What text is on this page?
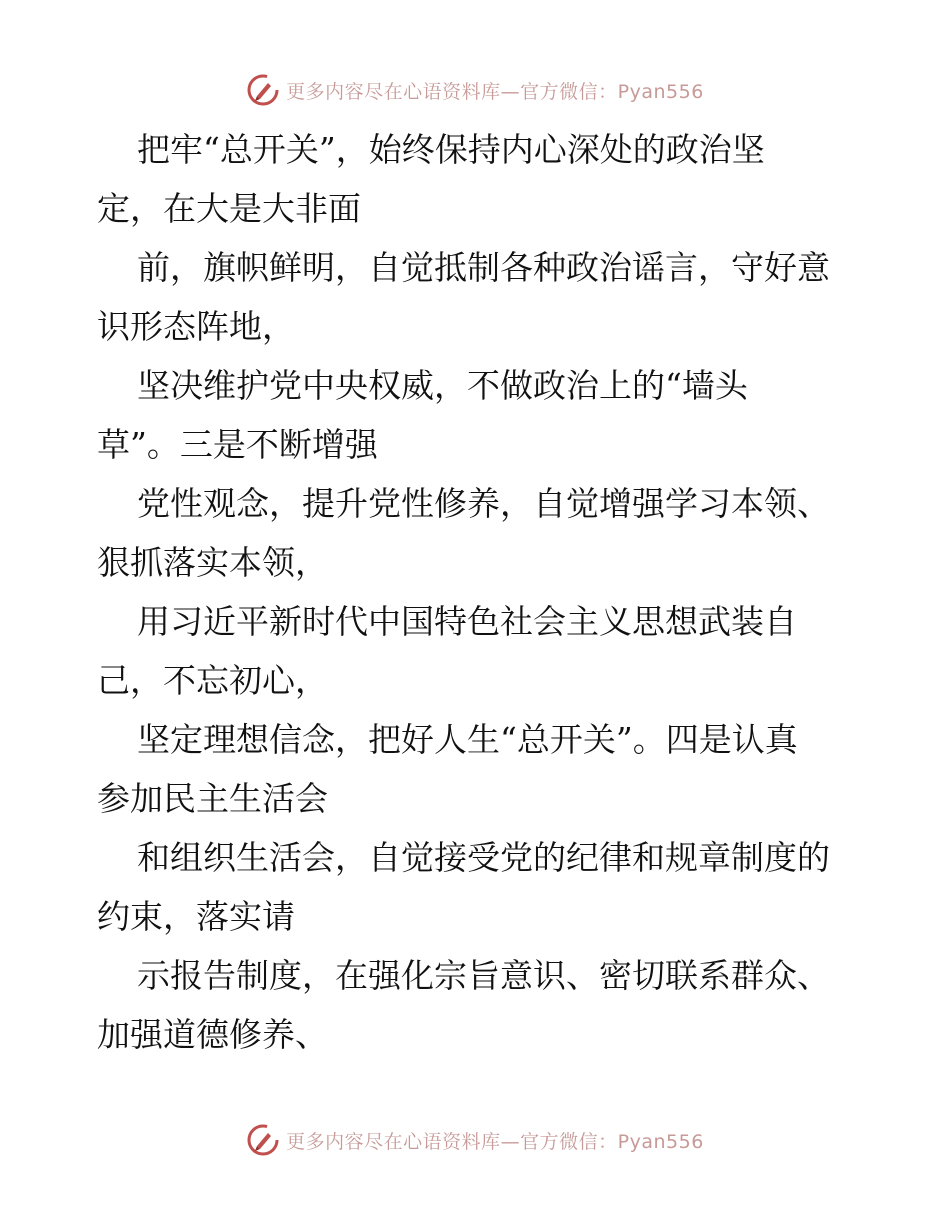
更多内容尽在心语资料库—官方微信：Pyan556

把牢“总开关”，始终保持内心深处的政治坚

定，在大是大非面

前，旗帜鲜明，自觉抵制各种政治谣言，守好意

识形态阵地，

坚决维护党中央权威，不做政治上的“墙头

草”。三是不断增强

党性观念，提升党性修养，自觉增强学习本领、

狠抓落实本领，

用习近平新时代中国特色社会主义思想武装自

己，不忘初心，

坚定理想信念，把好人生“总开关”。四是认真

参加民主生活会

和组织生活会，自觉接受党的纪律和规章制度的

约束，落实请

示报告制度，在强化宗旨意识、密切联系群众、

加强道德修养、

更多内容尽在心语资料库—官方微信：Pyan556
